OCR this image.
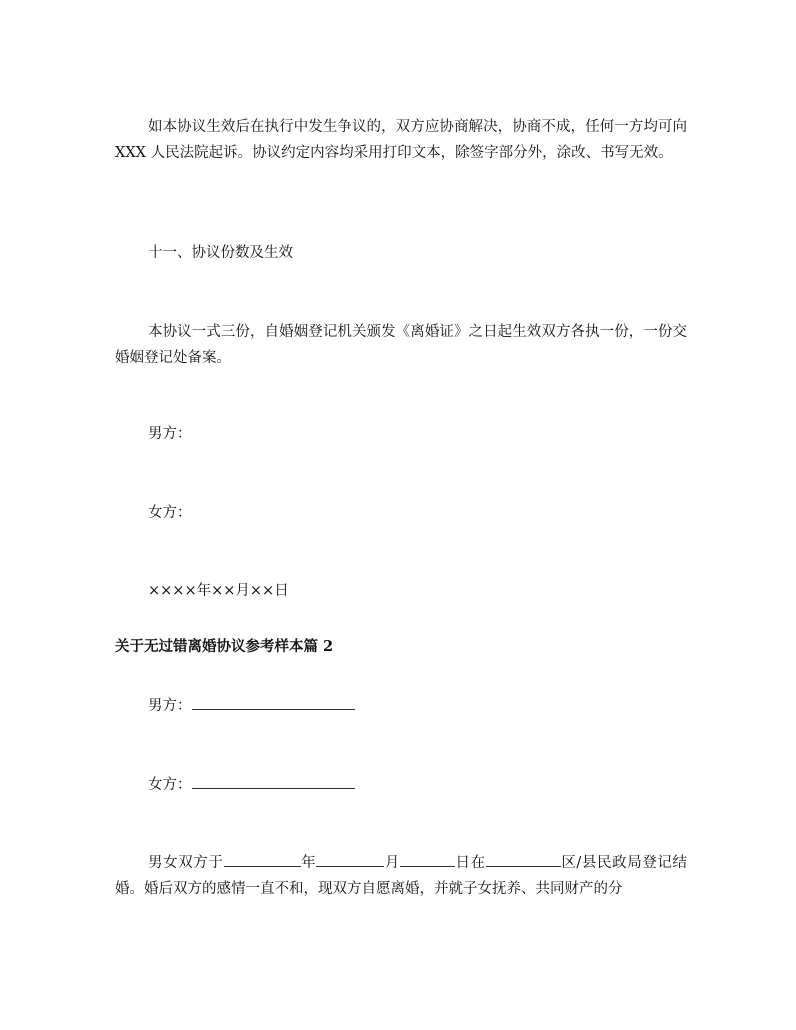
如本协议生效后在执行中发生争议的，双方应协商解决，协商不成，任何一方均可向 XXX 人民法院起诉。协议约定内容均采用打印文本，除签字部分外，涂改、书写无效。
十一、协议份数及生效
本协议一式三份，自婚姻登记机关颁发《离婚证》之日起生效双方各执一份，一份交婚姻登记处备案。
男方：
女方：
××××年××月××日
关于无过错离婚协议参考样本篇 2
男方：
女方：
男女双方于	年	月	日在	区/县民政局登记结婚。婚后双方的感情一直不和，现双方自愿离婚，并就子女抚养、共同财产的分
